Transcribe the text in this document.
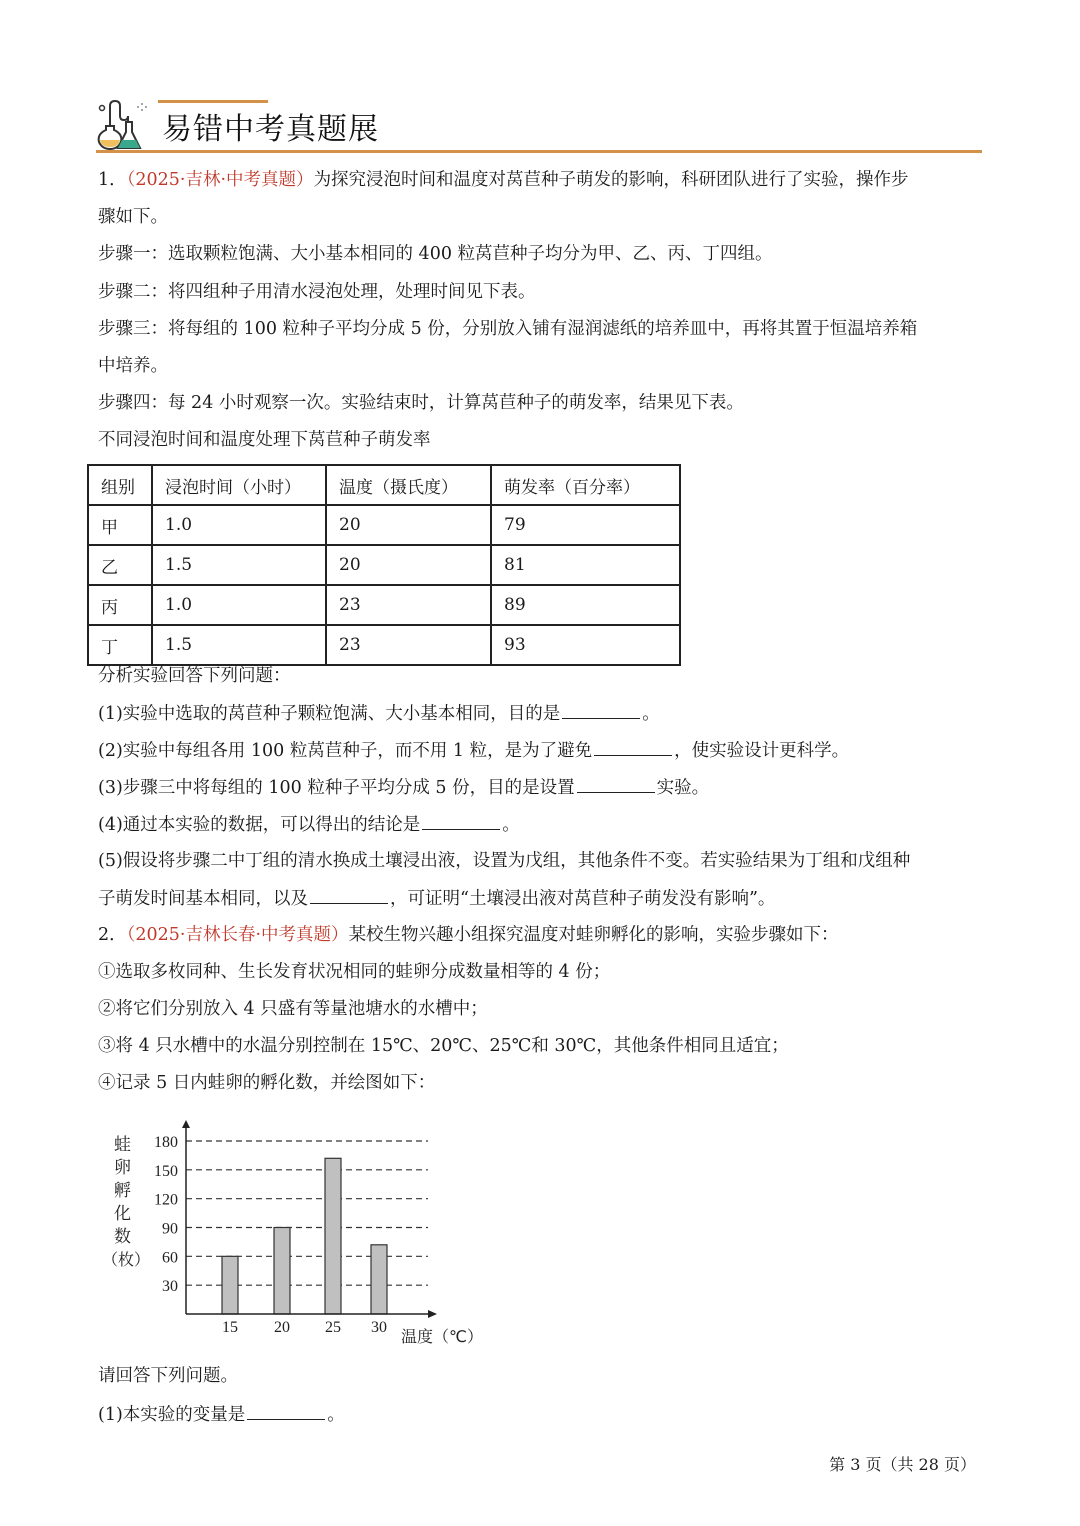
易错中考真题展
1．（2025·吉林·中考真题）为探究浸泡时间和温度对莴苣种子萌发的影响，科研团队进行了实验，操作步
骤如下。
步骤一：选取颗粒饱满、大小基本相同的 400 粒莴苣种子均分为甲、乙、丙、丁四组。
步骤二：将四组种子用清水浸泡处理，处理时间见下表。
步骤三：将每组的 100 粒种子平均分成 5 份，分别放入铺有湿润滤纸的培养皿中，再将其置于恒温培养箱
中培养。
步骤四：每 24 小时观察一次。实验结束时，计算莴苣种子的萌发率，结果见下表。
不同浸泡时间和温度处理下莴苣种子萌发率
组别	浸泡时间（小时）	温度（摄氏度）	萌发率（百分率）
甲	1.0	20	79
乙	1.5	20	81
丙	1.0	23	89
丁	1.5	23	93
分析实验回答下列问题：
(1)实验中选取的莴苣种子颗粒饱满、大小基本相同，目的是	。
(2)实验中每组各用 100 粒莴苣种子，而不用 1 粒，是为了避免	，使实验设计更科学。
(3)步骤三中将每组的 100 粒种子平均分成 5 份，目的是设置	实验。
(4)通过本实验的数据，可以得出的结论是	。
(5)假设将步骤二中丁组的清水换成土壤浸出液，设置为戊组，其他条件不变。若实验结果为丁组和戊组种
子萌发时间基本相同，以及	，可证明“土壤浸出液对莴苣种子萌发没有影响”。
2．（2025·吉林长春·中考真题）某校生物兴趣小组探究温度对蛙卵孵化的影响，实验步骤如下：
①选取多枚同种、生长发育状况相同的蛙卵分成数量相等的 4 份；
②将它们分别放入 4 只盛有等量池塘水的水槽中；
③将 4 只水槽中的水温分别控制在 15℃、20℃、25℃和 30℃，其他条件相同且适宜；
④记录 5 日内蛙卵的孵化数，并绘图如下：
蛙
卵
孵
化
数
（枚）
30
60
90
120
150
180
15 20 25 30 温度（℃）
请回答下列问题。
(1)本实验的变量是	。
第 3 页（共 28 页）
